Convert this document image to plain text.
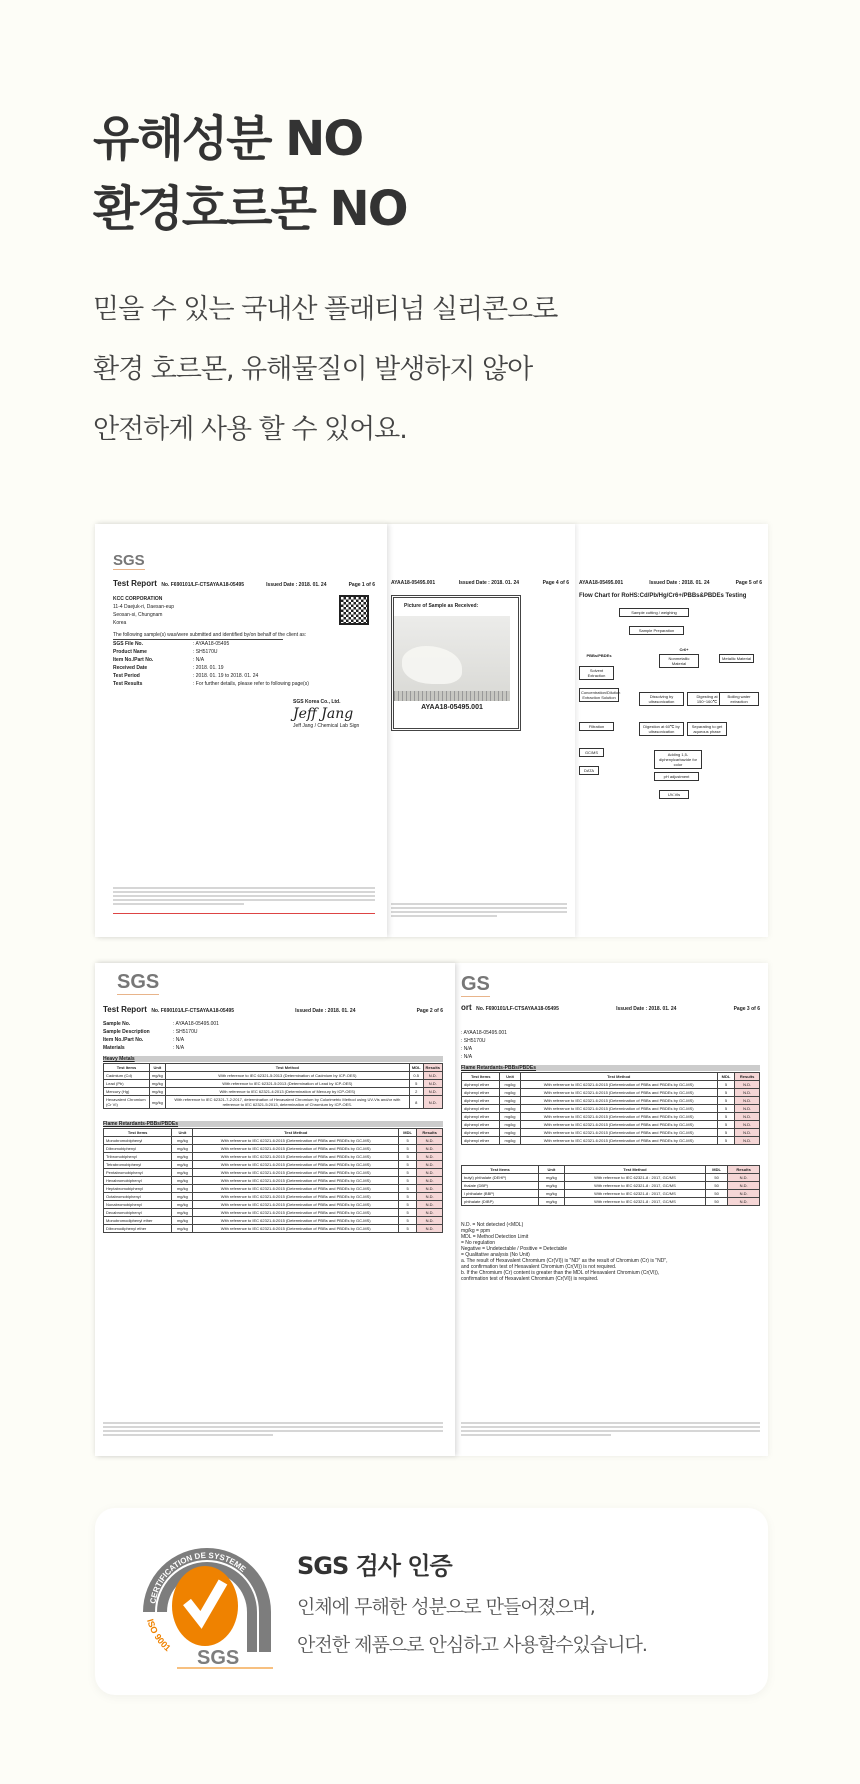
유해성분 NO
환경호르몬 NO
믿을 수 있는 국내산 플래티넘 실리콘으로
환경 호르몬, 유해물질이 발생하지 않아
안전하게 사용 할 수 있어요.
AYAA18-05495.001	Issued Date : 2018. 01. 24	Page 5 of 6
Flow Chart for RoHS:Cd/Pb/Hg/Cr6+/PBBs&PBDEs Testing
Sample cutting / weighing
Sample Preparation
PBBs/PBDEs
Cr6+
Nonmetallic Material
Metallic Material
Solvent Extraction
Concentration/Dilution Extraction Solution	Dissolving by ultrasonication
Digesting at 150~160℃
Boiling water extraction
Filtration	Digestion at 60℃ by ultrasonication
Separating to get aqueous phase
Adding 1,5-diphenylcarbazide for color
GC/MS
DATA
pH adjustment
UV-Vis
AYAA18-05495.001	Issued Date : 2018. 01. 24	Page 4 of 6
Picture of Sample as Received:
AYAA18-05495.001
SGS
Test Report No. F690101/LF-CTSAYAA18-05495	Issued Date : 2018. 01. 24	Page 1 of 6
KCC CORPORATION
11-4 Daejuk-ri, Daesan-eup
Seosan-si, Chungnam
Korea
The following sample(s) was/were submitted and identified by/on behalf of the client as:
SGS File No.	: AYAA18-05495
Product Name	: SH5170U
Item No./Part No.	: N/A
Received Date	: 2018. 01. 19
Test Period	: 2018. 01. 19 to 2018. 01. 24
Test Results	: For further details, please refer to following page(s)
SGS Korea Co., Ltd.
Jeff Jang
Jeff Jang / Chemical Lab Sign
GS
ort No. F690101/LF-CTSAYAA18-05495	Issued Date : 2018. 01. 24	Page 3 of 6
: AYAA18-05495.001
: SH5170U
: N/A
: N/A
Flame Retardants-PBBs/PBDEs
Test Items	Unit	Test Method	MDL	Results
diphenyl ether	mg/kg	With reference to IEC 62321-6:2015 (Determination of PBBs and PBDEs by GC-MS)	5	N.D.
diphenyl ether	mg/kg	With reference to IEC 62321-6:2015 (Determination of PBBs and PBDEs by GC-MS)	5	N.D.
diphenyl ether	mg/kg	With reference to IEC 62321-6:2015 (Determination of PBBs and PBDEs by GC-MS)	5	N.D.
diphenyl ether	mg/kg	With reference to IEC 62321-6:2015 (Determination of PBBs and PBDEs by GC-MS)	5	N.D.
diphenyl ether	mg/kg	With reference to IEC 62321-6:2015 (Determination of PBBs and PBDEs by GC-MS)	5	N.D.
diphenyl ether	mg/kg	With reference to IEC 62321-6:2015 (Determination of PBBs and PBDEs by GC-MS)	5	N.D.
diphenyl ether	mg/kg	With reference to IEC 62321-6:2015 (Determination of PBBs and PBDEs by GC-MS)	5	N.D.
diphenyl ether	mg/kg	With reference to IEC 62321-6:2015 (Determination of PBBs and PBDEs by GC-MS)	5	N.D.
Test Items	Unit	Test Method	MDL	Results
butyl) phthalate (DEHP)	mg/kg	With reference to IEC 62321-8 : 2017, GC/MS	50	N.D.
thalate (DBP)	mg/kg	With reference to IEC 62321-8 : 2017, GC/MS	50	N.D.
l phthalate (BBP)	mg/kg	With reference to IEC 62321-8 : 2017, GC/MS	50	N.D.
phthalate (DIBP)	mg/kg	With reference to IEC 62321-8 : 2017, GC/MS	50	N.D.
N.D. = Not detected (<MDL)
mg/kg = ppm
MDL = Method Detection Limit
= No regulation
Negative = Undetectable / Positive = Detectable
= Qualitative analysis (No Unit)
a. The result of Hexavalent Chromium (Cr(VI)) is "ND" as the result of Chromium (Cr) is "ND",
and confirmation test of Hexavalent Chromium (Cr(VI)) is not required.
b. If the Chromium (Cr) content is greater than the MDL of Hexavalent Chromium (Cr(VI)),
confirmation test of Hexavalent Chromium (Cr(VI)) is required.
SGS
Test Report No. F690101/LF-CTSAYAA18-05495	Issued Date : 2018. 01. 24	Page 2 of 6
Sample No.	: AYAA18-05495.001
Sample Description	: SH5170U
Item No./Part No.	: N/A
Materials	: N/A
Heavy Metals
Test Items	Unit	Test Method	MDL	Results
Cadmium (Cd)	mg/kg	With reference to IEC 62321-5:2013 (Determination of Cadmium by ICP-OES)	0.5	N.D.
Lead (Pb)	mg/kg	With reference to IEC 62321-5:2013 (Determination of Lead by ICP-OES)	5	N.D.
Mercury (Hg)	mg/kg	With reference to IEC 62321-4:2013 (Determination of Mercury by ICP-OES)	2	N.D.
Hexavalent Chromium (Cr VI)	mg/kg	With reference to IEC 62321-7-2:2017, determination of Hexavalent Chromium by Colorimetric Method using UV-Vis and/or with reference to IEC 62321-5:2013, determination of Chromium by ICP-OES.	8	N.D.
Flame Retardants-PBBs/PBDEs
Test Items	Unit	Test Method	MDL	Results
Monobromobiphenyl	mg/kg	With reference to IEC 62321-6:2015 (Determination of PBBs and PBDEs by GC-MS)	5	N.D.
Dibromobiphenyl	mg/kg	With reference to IEC 62321-6:2015 (Determination of PBBs and PBDEs by GC-MS)	5	N.D.
Tribromobiphenyl	mg/kg	With reference to IEC 62321-6:2015 (Determination of PBBs and PBDEs by GC-MS)	5	N.D.
Tetrabromobiphenyl	mg/kg	With reference to IEC 62321-6:2015 (Determination of PBBs and PBDEs by GC-MS)	5	N.D.
Pentabromobiphenyl	mg/kg	With reference to IEC 62321-6:2015 (Determination of PBBs and PBDEs by GC-MS)	5	N.D.
Hexabromobiphenyl	mg/kg	With reference to IEC 62321-6:2015 (Determination of PBBs and PBDEs by GC-MS)	5	N.D.
Heptabromobiphenyl	mg/kg	With reference to IEC 62321-6:2015 (Determination of PBBs and PBDEs by GC-MS)	5	N.D.
Octabromobiphenyl	mg/kg	With reference to IEC 62321-6:2015 (Determination of PBBs and PBDEs by GC-MS)	5	N.D.
Nonabromobiphenyl	mg/kg	With reference to IEC 62321-6:2015 (Determination of PBBs and PBDEs by GC-MS)	5	N.D.
Decabromobiphenyl	mg/kg	With reference to IEC 62321-6:2015 (Determination of PBBs and PBDEs by GC-MS)	5	N.D.
Monobromodiphenyl ether	mg/kg	With reference to IEC 62321-6:2015 (Determination of PBBs and PBDEs by GC-MS)	5	N.D.
Dibromodiphenyl ether	mg/kg	With reference to IEC 62321-6:2015 (Determination of PBBs and PBDEs by GC-MS)	5	N.D.
CERTIFICATION DE SYSTEME
ISO 9001 SGS
SGS 검사 인증
인체에 무해한 성분으로 만들어졌으며,
안전한 제품으로 안심하고 사용할수있습니다.
